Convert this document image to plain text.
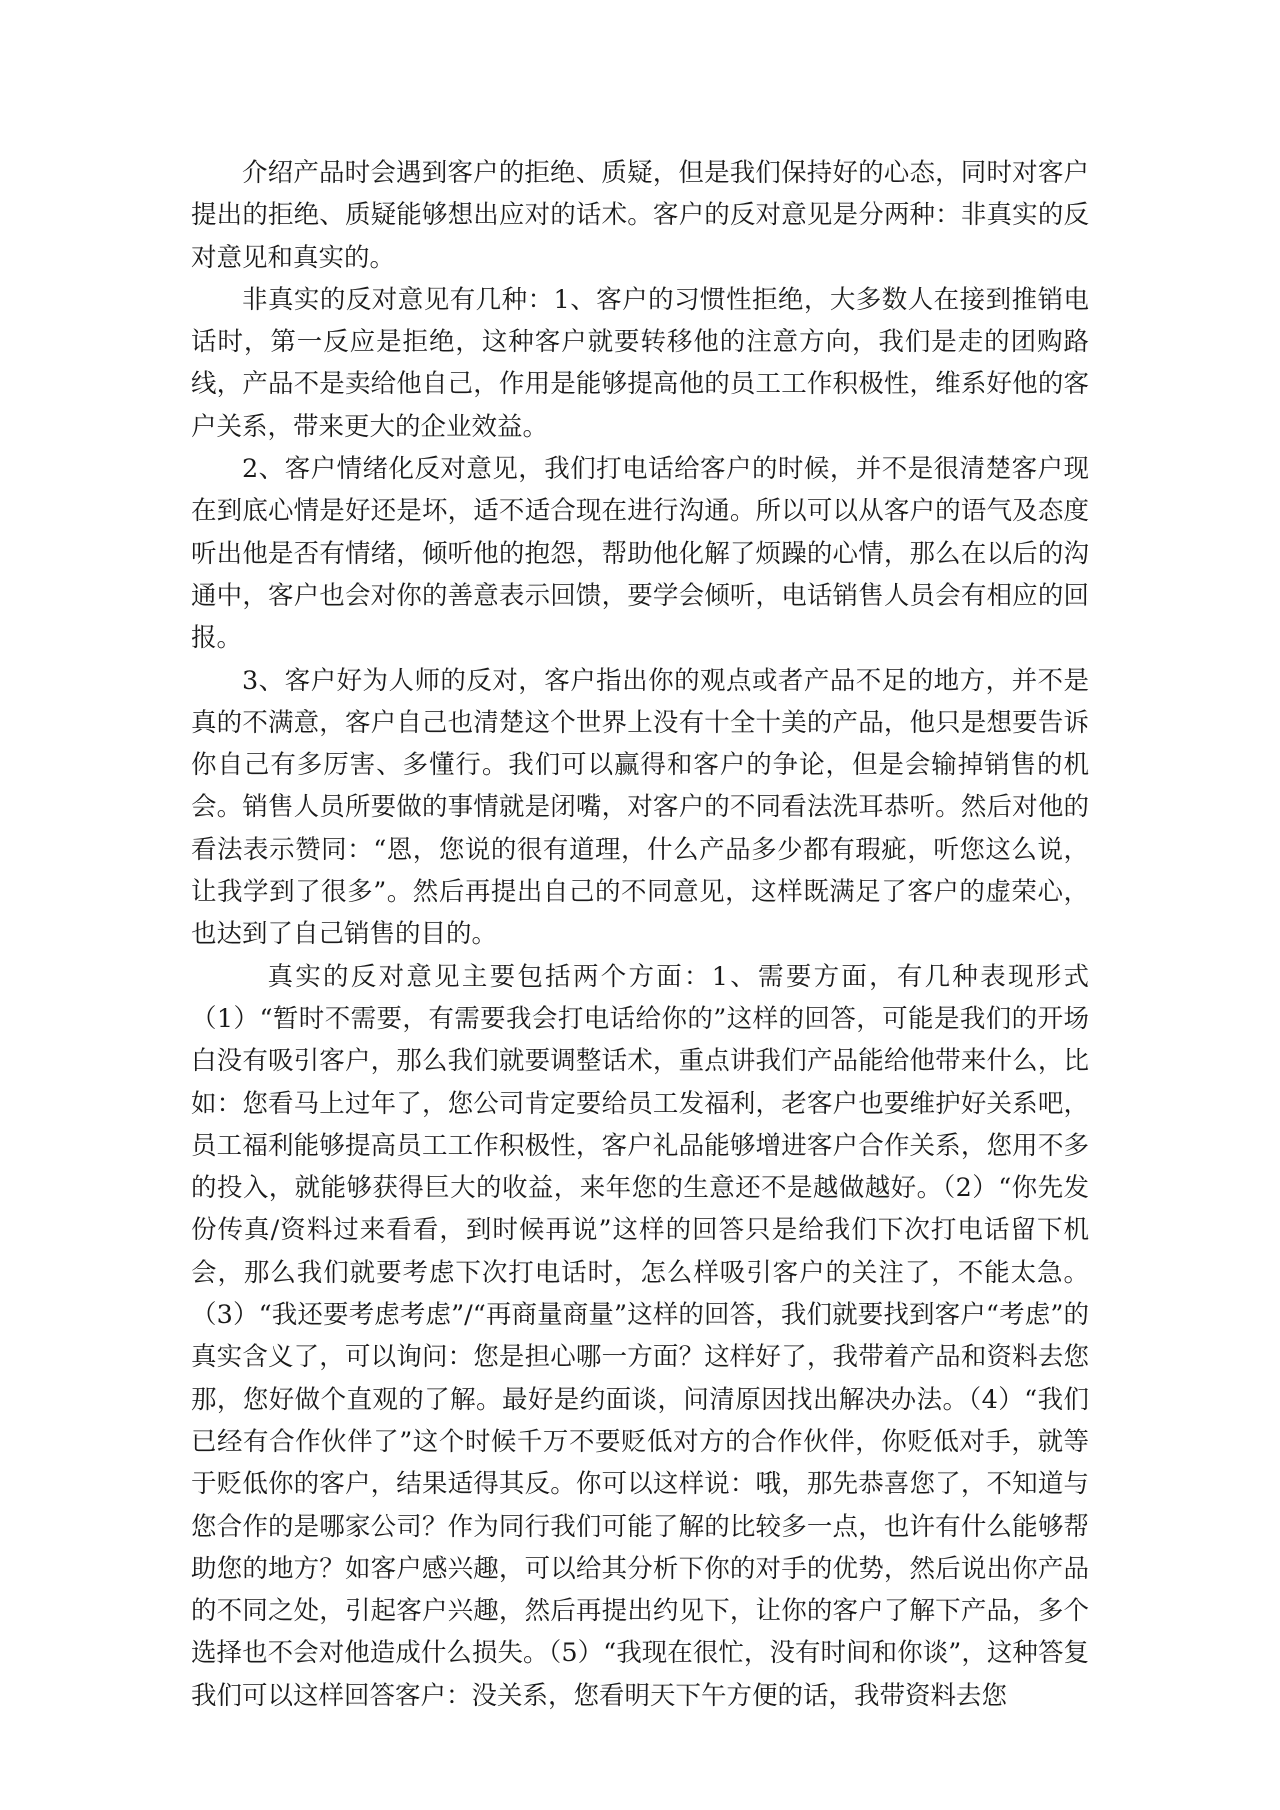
介绍产品时会遇到客户的拒绝、质疑，但是我们保持好的心态，同时对客户提出的拒绝、质疑能够想出应对的话术。客户的反对意见是分两种：非真实的反对意见和真实的。

非真实的反对意见有几种：1、客户的习惯性拒绝，大多数人在接到推销电话时，第一反应是拒绝，这种客户就要转移他的注意方向，我们是走的团购路线，产品不是卖给他自己，作用是能够提高他的员工工作积极性，维系好他的客户关系，带来更大的企业效益。

2、客户情绪化反对意见，我们打电话给客户的时候，并不是很清楚客户现在到底心情是好还是坏，适不适合现在进行沟通。所以可以从客户的语气及态度听出他是否有情绪，倾听他的抱怨，帮助他化解了烦躁的心情，那么在以后的沟通中，客户也会对你的善意表示回馈，要学会倾听，电话销售人员会有相应的回报。

3、客户好为人师的反对，客户指出你的观点或者产品不足的地方，并不是真的不满意，客户自己也清楚这个世界上没有十全十美的产品，他只是想要告诉你自己有多厉害、多懂行。我们可以赢得和客户的争论，但是会输掉销售的机会。销售人员所要做的事情就是闭嘴，对客户的不同看法洗耳恭听。然后对他的看法表示赞同：“恩，您说的很有道理，什么产品多少都有瑕疵，听您这么说，让我学到了很多”。然后再提出自己的不同意见，这样既满足了客户的虚荣心，也达到了自己销售的目的。

真实的反对意见主要包括两个方面：1、需要方面，有几种表现形式（1）“暂时不需要，有需要我会打电话给你的”这样的回答，可能是我们的开场白没有吸引客户，那么我们就要调整话术，重点讲我们产品能给他带来什么，比如：您看马上过年了，您公司肯定要给员工发福利，老客户也要维护好关系吧，员工福利能够提高员工工作积极性，客户礼品能够增进客户合作关系，您用不多的投入，就能够获得巨大的收益，来年您的生意还不是越做越好。（2）“你先发份传真/资料过来看看，到时候再说”这样的回答只是给我们下次打电话留下机会，那么我们就要考虑下次打电话时，怎么样吸引客户的关注了，不能太急。（3）“我还要考虑考虑”/“再商量商量”这样的回答，我们就要找到客户“考虑”的真实含义了，可以询问：您是担心哪一方面？这样好了，我带着产品和资料去您那，您好做个直观的了解。最好是约面谈，问清原因找出解决办法。（4）“我们已经有合作伙伴了”这个时候千万不要贬低对方的合作伙伴，你贬低对手，就等于贬低你的客户，结果适得其反。你可以这样说：哦，那先恭喜您了，不知道与您合作的是哪家公司？作为同行我们可能了解的比较多一点，也许有什么能够帮助您的地方？如客户感兴趣，可以给其分析下你的对手的优势，然后说出你产品的不同之处，引起客户兴趣，然后再提出约见下，让你的客户了解下产品，多个选择也不会对他造成什么损失。（5）“我现在很忙，没有时间和你谈”，这种答复我们可以这样回答客户：没关系，您看明天下午方便的话，我带资料去您
